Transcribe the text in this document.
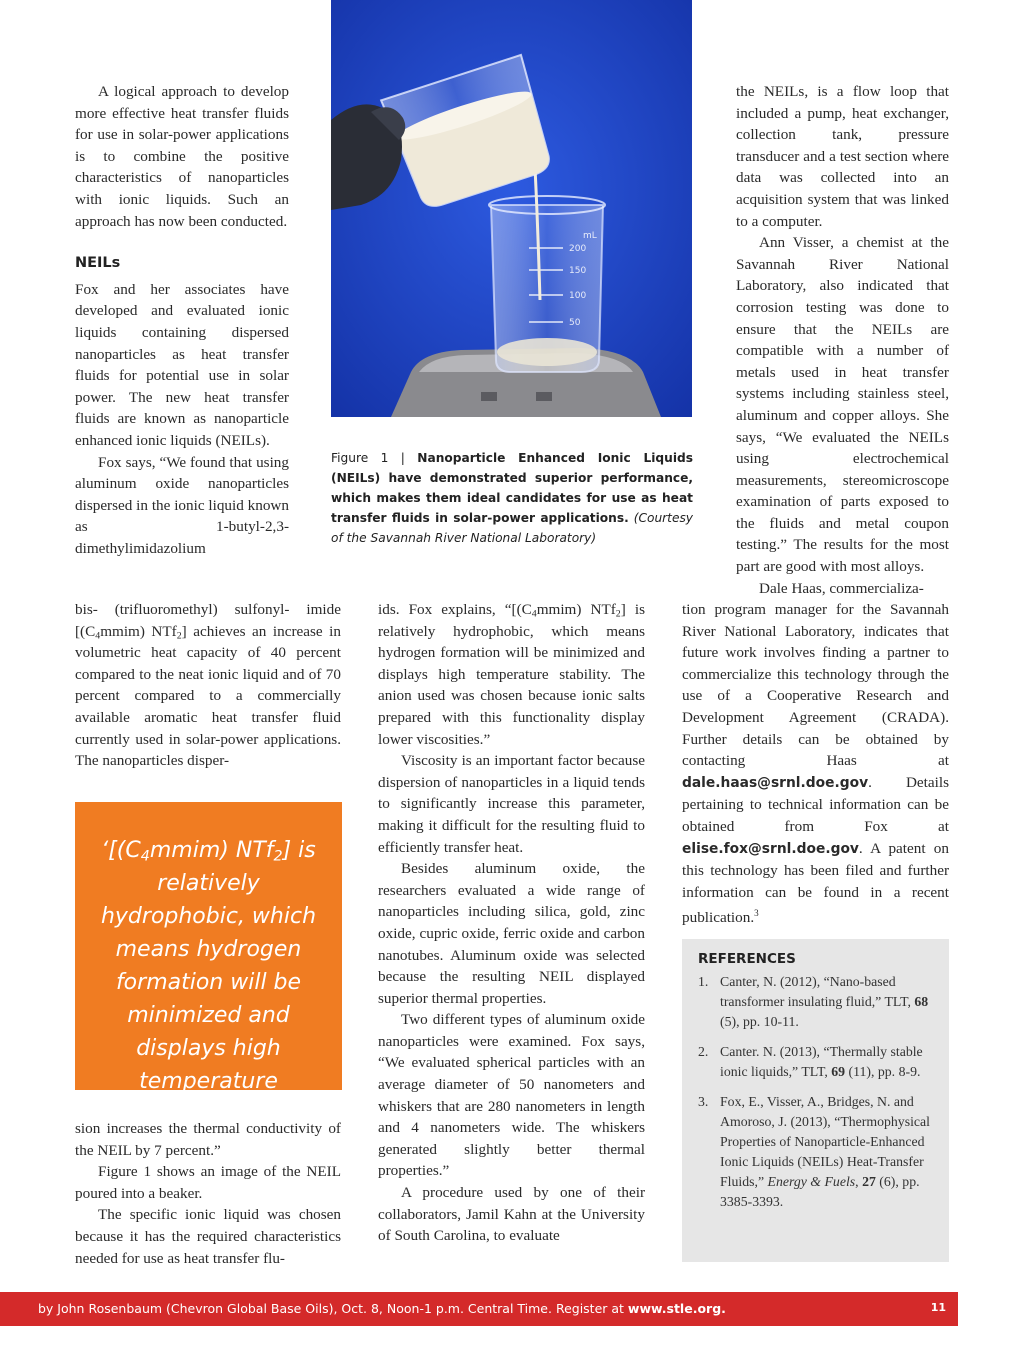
A logical approach to develop more effective heat transfer fluids for use in solar-power applications is to combine the positive characteristics of nanoparticles with ionic liquids. Such an approach has now been conducted.

NEILs

Fox and her associates have developed and evaluated ionic liquids containing dispersed nanoparticles as heat transfer fluids for potential use in solar power. The new heat transfer fluids are known as nanoparticle enhanced ionic liquids (NEILs).

Fox says, “We found that using aluminum oxide nanoparticles dispersed in the ionic liquid known as 1-butyl-2,3-dimethylimidazolium

bis- (trifluoromethyl) sulfonyl- imide [$(C_4mmim)$ NTf$_2$] achieves an increase in volumetric heat capacity of 40 percent compared to the neat ionic liquid and of 70 percent compared to a commercially available aromatic heat transfer fluid currently used in solar-power applications. The nanoparticles disper-

‘[$(C_4mmim)$ NTf$_2$] is relatively hydrophobic, which means hydrogen formation will be minimized and displays high temperature stability.’

sion increases the thermal conductivity of the NEIL by 7 percent.”

Figure 1 shows an image of the NEIL poured into a beaker.

The specific ionic liquid was chosen because it has the required characteristics needed for use as heat transfer flu-

200
150
100
50
mL
Figure 1 | Nanoparticle Enhanced Ionic Liquids (NEILs) have demonstrated superior performance, which makes them ideal candidates for use as heat transfer fluids in solar-power applications. (Courtesy of the Savannah River National Laboratory)

ids. Fox explains, “[$(C_4mmim)$ NTf$_2$] is relatively hydrophobic, which means hydrogen formation will be minimized and displays high temperature stability. The anion used was chosen because ionic salts prepared with this functionality display lower viscosities.”

Viscosity is an important factor because dispersion of nanoparticles in a liquid tends to significantly increase this parameter, making it difficult for the resulting fluid to efficiently transfer heat.

Besides aluminum oxide, the researchers evaluated a wide range of nanoparticles including silica, gold, zinc oxide, cupric oxide, ferric oxide and carbon nanotubes. Aluminum oxide was selected because the resulting NEIL displayed superior thermal properties.

Two different types of aluminum oxide nanoparticles were examined. Fox says, “We evaluated spherical particles with an average diameter of 50 nanometers and whiskers that are 280 nanometers in length and 4 nanometers wide. The whiskers generated slightly better thermal properties.”

A procedure used by one of their collaborators, Jamil Kahn at the University of South Carolina, to evaluate

the NEILs, is a flow loop that included a pump, heat exchanger, collection tank, pressure transducer and a test section where data was collected into an acquisition system that was linked to a computer.

Ann Visser, a chemist at the Savannah River National Laboratory, also indicated that corrosion testing was done to ensure that the NEILs are compatible with a number of metals used in heat transfer systems including stainless steel, aluminum and copper alloys. She says, “We evaluated the NEILs using electrochemical measurements, stereomicroscope examination of parts exposed to the fluids and metal coupon testing.” The results for the most part are good with most alloys.

Dale Haas, commercializa-

tion program manager for the Savannah River National Laboratory, indicates that future work involves finding a partner to commercialize this technology through the use of a Cooperative Research and Development Agreement (CRADA). Further details can be obtained by contacting Haas at dale.haas@srnl.doe.gov. Details pertaining to technical information can be obtained from Fox at elise.fox@srnl.doe.gov. A patent on this technology has been filed and further information can be found in a recent publication.$^3$

REFERENCES
1. Canter, N. (2012), “Nano-based transformer insulating fluid,” TLT, 68 (5), pp. 10-11.
2. Canter. N. (2013), “Thermally stable ionic liquids,” TLT, 69 (11), pp. 8-9.
3. Fox, E., Visser, A., Bridges, N. and Amoroso, J. (2013), “Thermophysical Properties of Nanoparticle-Enhanced Ionic Liquids (NEILs) Heat-Transfer Fluids,” Energy & Fuels, 27 (6), pp. 3385-3393.
by John Rosenbaum (Chevron Global Base Oils), Oct. 8, Noon-1 p.m. Central Time. Register at www.stle.org.	11
